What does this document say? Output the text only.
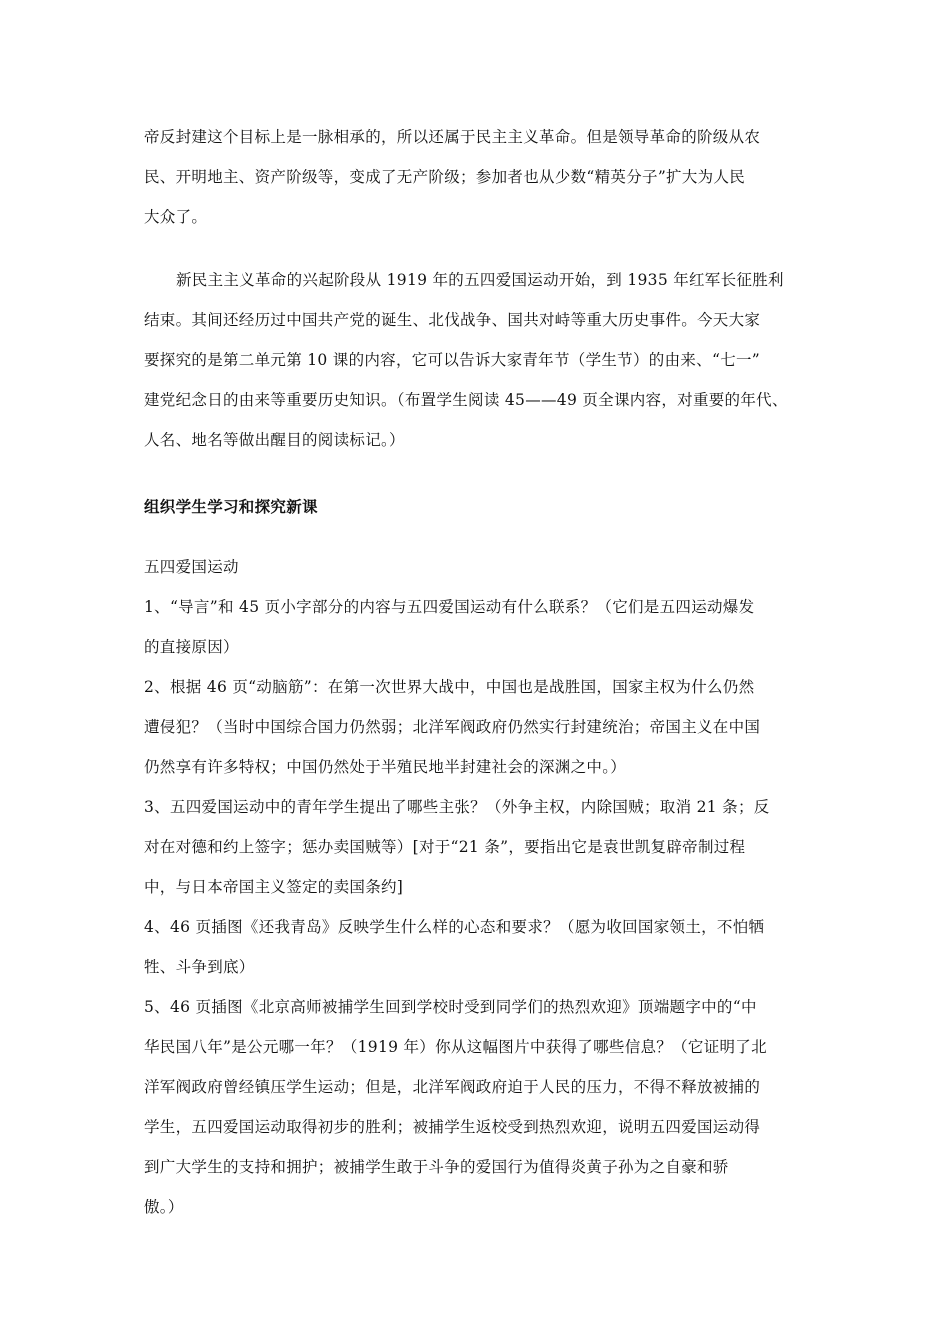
帝反封建这个目标上是一脉相承的，所以还属于民主主义革命。但是领导革命的阶级从农
民、开明地主、资产阶级等，变成了无产阶级；参加者也从少数“精英分子”扩大为人民
大众了。
新民主主义革命的兴起阶段从 1919 年的五四爱国运动开始，到 1935 年红军长征胜利
结束。其间还经历过中国共产党的诞生、北伐战争、国共对峙等重大历史事件。今天大家
要探究的是第二单元第 10 课的内容，它可以告诉大家青年节（学生节）的由来、“七一”
建党纪念日的由来等重要历史知识。（布置学生阅读 45——49 页全课内容，对重要的年代、
人名、地名等做出醒目的阅读标记。）
组织学生学习和探究新课
五四爱国运动
1、“导言”和 45 页小字部分的内容与五四爱国运动有什么联系？（它们是五四运动爆发
的直接原因）
2、根据 46 页“动脑筋”：在第一次世界大战中，中国也是战胜国，国家主权为什么仍然
遭侵犯？（当时中国综合国力仍然弱；北洋军阀政府仍然实行封建统治；帝国主义在中国
仍然享有许多特权；中国仍然处于半殖民地半封建社会的深渊之中。）
3、五四爱国运动中的青年学生提出了哪些主张？（外争主权，内除国贼；取消 21 条；反
对在对德和约上签字；惩办卖国贼等）[对于“21 条”，要指出它是袁世凯复辟帝制过程
中，与日本帝国主义签定的卖国条约]
4、46 页插图《还我青岛》反映学生什么样的心态和要求？（愿为收回国家领土，不怕牺
牲、斗争到底）
5、46 页插图《北京高师被捕学生回到学校时受到同学们的热烈欢迎》顶端题字中的“中
华民国八年”是公元哪一年？（1919 年）你从这幅图片中获得了哪些信息？（它证明了北
洋军阀政府曾经镇压学生运动；但是，北洋军阀政府迫于人民的压力，不得不释放被捕的
学生，五四爱国运动取得初步的胜利；被捕学生返校受到热烈欢迎，说明五四爱国运动得
到广大学生的支持和拥护；被捕学生敢于斗争的爱国行为值得炎黄子孙为之自豪和骄
傲。）
